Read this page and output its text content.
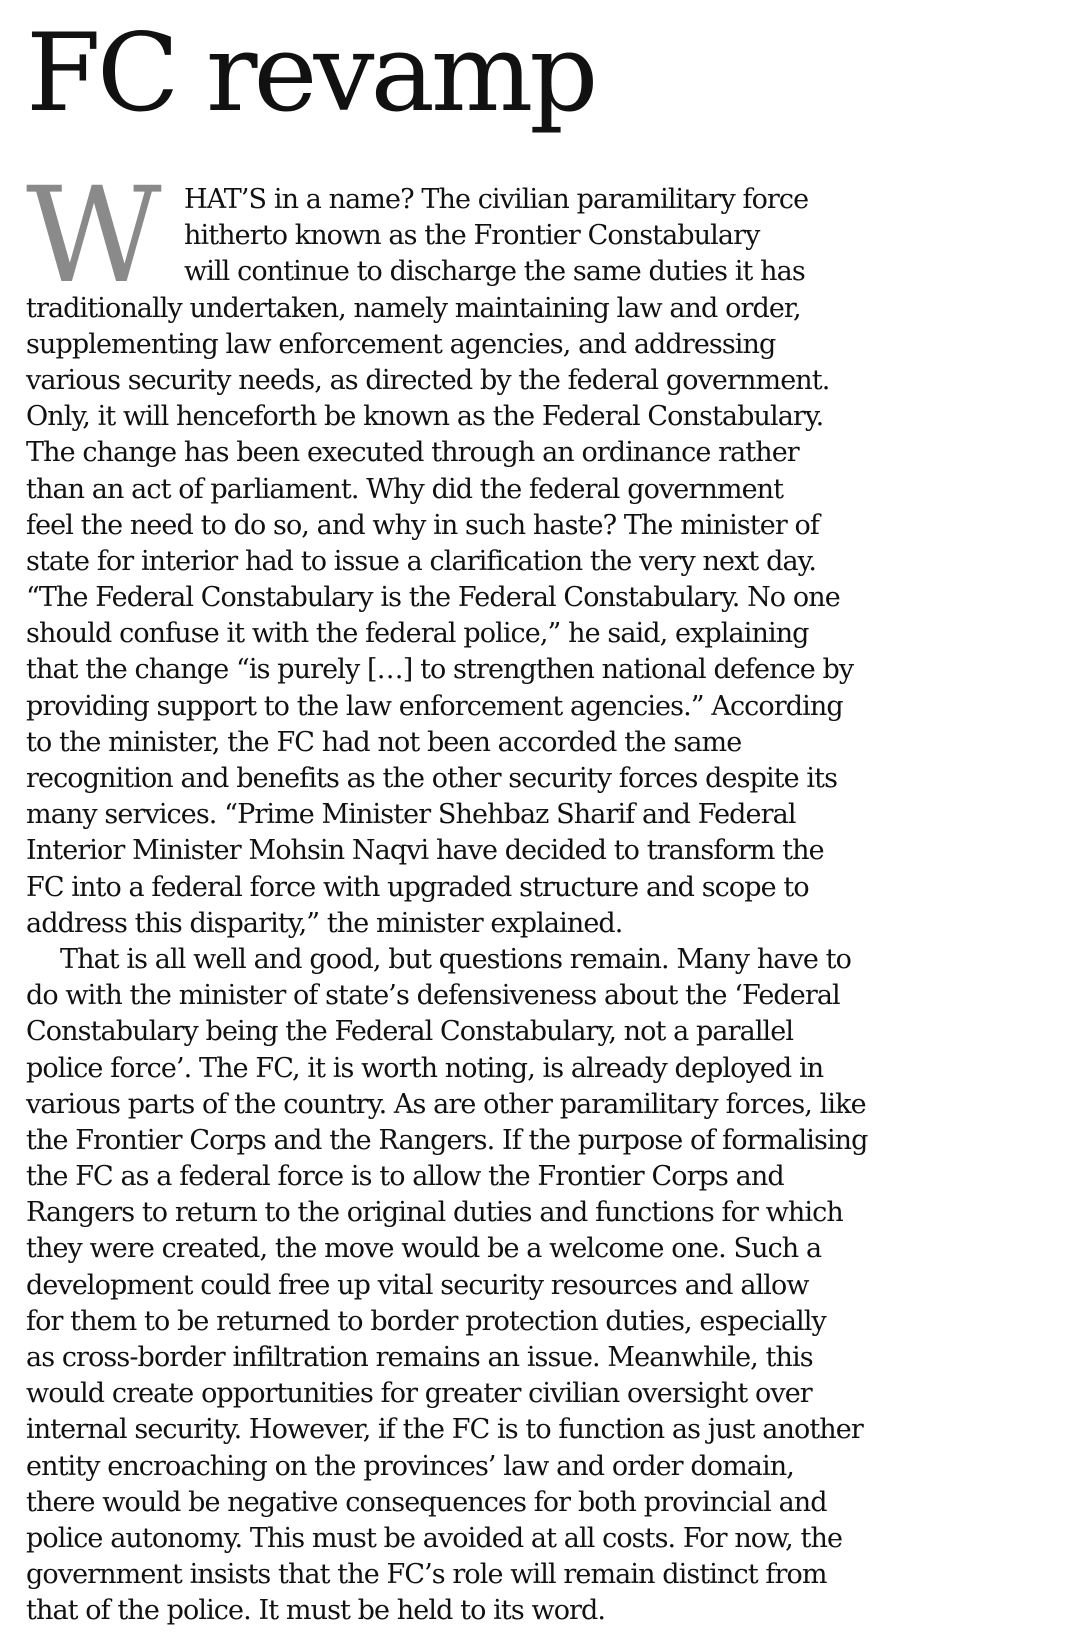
FC revamp
W	HAT’S in a name? The civilian paramilitary force
hitherto known as the Frontier Constabulary
will continue to discharge the same duties it has
traditionally undertaken, namely maintaining law and order,
supplementing law enforcement agencies, and addressing
various security needs, as directed by the federal government.
Only, it will henceforth be known as the Federal Constabulary.
The change has been executed through an ordinance rather
than an act of parliament. Why did the federal government
feel the need to do so, and why in such haste? The minister of
state for interior had to issue a clarification the very next day.
“The Federal Constabulary is the Federal Constabulary. No one
should confuse it with the federal police,” he said, explaining
that the change “is purely […] to strengthen national defence by
providing support to the law enforcement agencies.” According
to the minister, the FC had not been accorded the same
recognition and benefits as the other security forces despite its
many services. “Prime Minister Shehbaz Sharif and Federal
Interior Minister Mohsin Naqvi have decided to transform the
FC into a federal force with upgraded structure and scope to
address this disparity,” the minister explained.
That is all well and good, but questions remain. Many have to
do with the minister of state’s defensiveness about the ‘Federal
Constabulary being the Federal Constabulary, not a parallel
police force’. The FC, it is worth noting, is already deployed in
various parts of the country. As are other paramilitary forces, like
the Frontier Corps and the Rangers. If the purpose of formalising
the FC as a federal force is to allow the Frontier Corps and
Rangers to return to the original duties and functions for which
they were created, the move would be a welcome one. Such a
development could free up vital security resources and allow
for them to be returned to border protection duties, especially
as cross-border infiltration remains an issue. Meanwhile, this
would create opportunities for greater civilian oversight over
internal security. However, if the FC is to function as just another
entity encroaching on the provinces’ law and order domain,
there would be negative consequences for both provincial and
police autonomy. This must be avoided at all costs. For now, the
government insists that the FC’s role will remain distinct from
that of the police. It must be held to its word.
